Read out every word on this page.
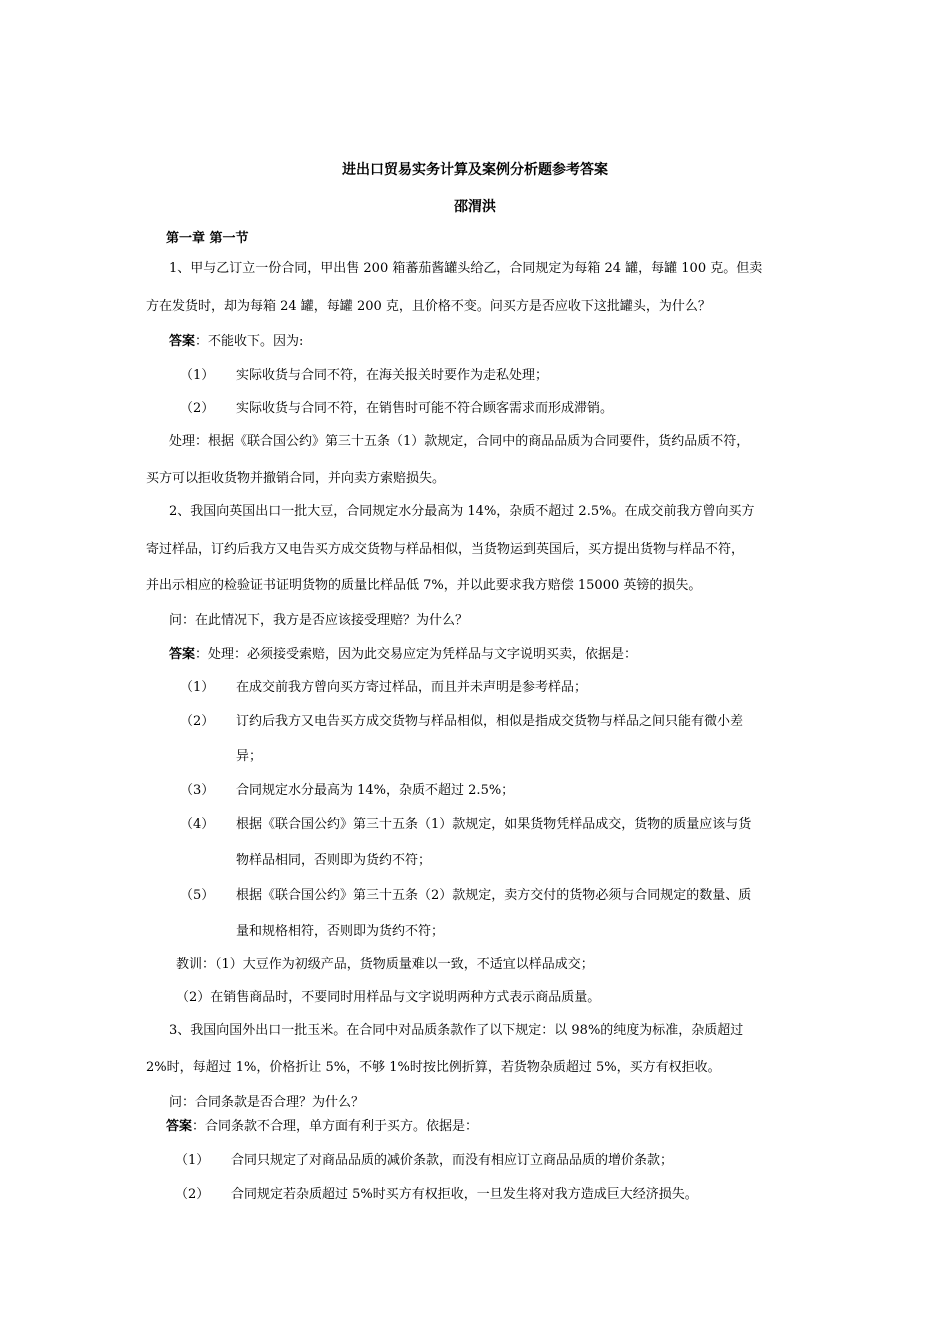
进出口贸易实务计算及案例分析题参考答案
邵渭洪
第一章 第一节
1、甲与乙订立一份合同，甲出售 200 箱蕃茄酱罐头给乙，合同规定为每箱 24 罐，每罐 100 克。但卖
方在发货时，却为每箱 24 罐，每罐 200 克，且价格不变。问买方是否应收下这批罐头，为什么？
答案：不能收下。因为:
（1） 实际收货与合同不符，在海关报关时要作为走私处理；
（2） 实际收货与合同不符，在销售时可能不符合顾客需求而形成滞销。
处理：根据《联合国公约》第三十五条（1）款规定，合同中的商品品质为合同要件，货约品质不符，
买方可以拒收货物并撤销合同，并向卖方索赔损失。
2、我国向英国出口一批大豆，合同规定水分最高为 14%，杂质不超过 2.5%。在成交前我方曾向买方
寄过样品，订约后我方又电告买方成交货物与样品相似，当货物运到英国后，买方提出货物与样品不符，
并出示相应的检验证书证明货物的质量比样品低 7%，并以此要求我方赔偿 15000 英镑的损失。
问：在此情况下，我方是否应该接受理赔？为什么？
答案：处理：必须接受索赔，因为此交易应定为凭样品与文字说明买卖，依据是：
（1） 在成交前我方曾向买方寄过样品，而且并未声明是参考样品；
（2） 订约后我方又电告买方成交货物与样品相似，相似是指成交货物与样品之间只能有微小差
异；
（3） 合同规定水分最高为 14%，杂质不超过 2.5%；
（4） 根据《联合国公约》第三十五条（1）款规定，如果货物凭样品成交，货物的质量应该与货
物样品相同，否则即为货约不符；
（5） 根据《联合国公约》第三十五条（2）款规定，卖方交付的货物必须与合同规定的数量、质
量和规格相符，否则即为货约不符；
教训：（1）大豆作为初级产品，货物质量难以一致，不适宜以样品成交；
（2）在销售商品时，不要同时用样品与文字说明两种方式表示商品质量。
3、我国向国外出口一批玉米。在合同中对品质条款作了以下规定：以 98%的纯度为标准，杂质超过
2%时，每超过 1%，价格折让 5%，不够 1%时按比例折算，若货物杂质超过 5%，买方有权拒收。
问：合同条款是否合理？为什么？
答案：合同条款不合理，单方面有利于买方。依据是：
（1） 合同只规定了对商品品质的减价条款，而没有相应订立商品品质的增价条款；
（2） 合同规定若杂质超过 5%时买方有权拒收，一旦发生将对我方造成巨大经济损失。
